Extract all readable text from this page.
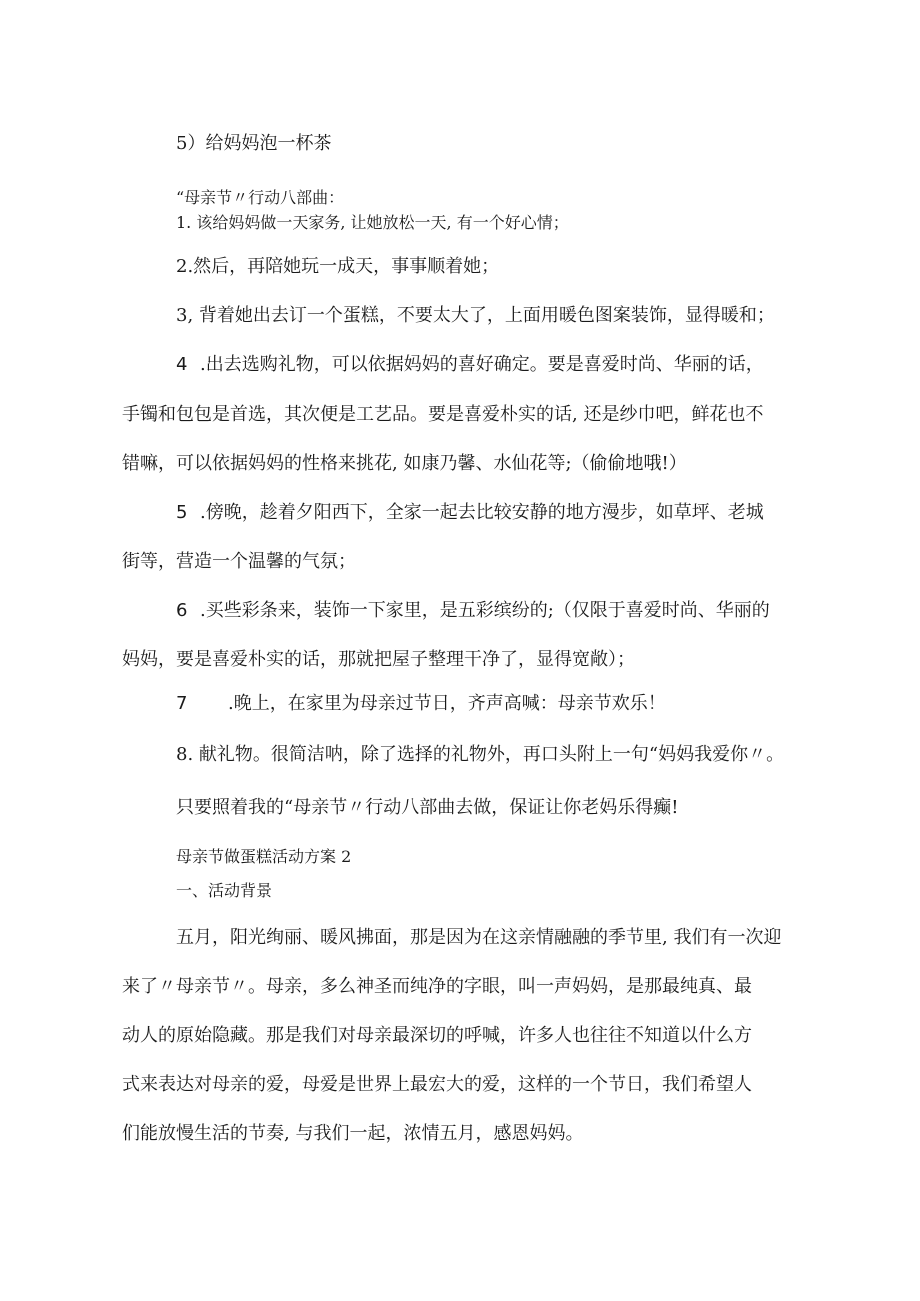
5）给妈妈泡一杯茶
“母亲节〃行动八部曲：
1. 该给妈妈做一天家务, 让她放松一天, 有一个好心情；
2.然后，再陪她玩一成天，事事顺着她；
3, 背着她出去订一个蛋糕，不要太大了，上面用暖色图案装饰，显得暖和；
4 .出去选购礼物，可以依据妈妈的喜好确定。要是喜爱时尚、华丽的话，
手镯和包包是首选，其次便是工艺品。要是喜爱朴实的话, 还是纱巾吧，鲜花也不
错嘛，可以依据妈妈的性格来挑花, 如康乃馨、水仙花等;（偷偷地哦!）
5 .傍晚，趁着夕阳西下，全家一起去比较安静的地方漫步，如草坪、老城
街等，营造一个温馨的气氛；
6 .买些彩条来，装饰一下家里，是五彩缤纷的;（仅限于喜爱时尚、华丽的
妈妈，要是喜爱朴实的话，那就把屋子整理干净了，显得宽敞）；
7 .晚上，在家里为母亲过节日，齐声高喊：母亲节欢乐！
8. 献礼物。很简洁呐，除了选择的礼物外，再口头附上一句“妈妈我爱你〃。
只要照着我的“母亲节〃行动八部曲去做，保证让你老妈乐得癫!
母亲节做蛋糕活动方案 2
一、活动背景
五月，阳光绚丽、暖风拂面，那是因为在这亲情融融的季节里, 我们有一次迎
来了〃母亲节〃。母亲，多么神圣而纯净的字眼，叫一声妈妈，是那最纯真、最
动人的原始隐藏。那是我们对母亲最深切的呼喊，许多人也往往不知道以什么方
式来表达对母亲的爱，母爱是世界上最宏大的爱，这样的一个节日，我们希望人
们能放慢生活的节奏, 与我们一起，浓情五月，感恩妈妈。
